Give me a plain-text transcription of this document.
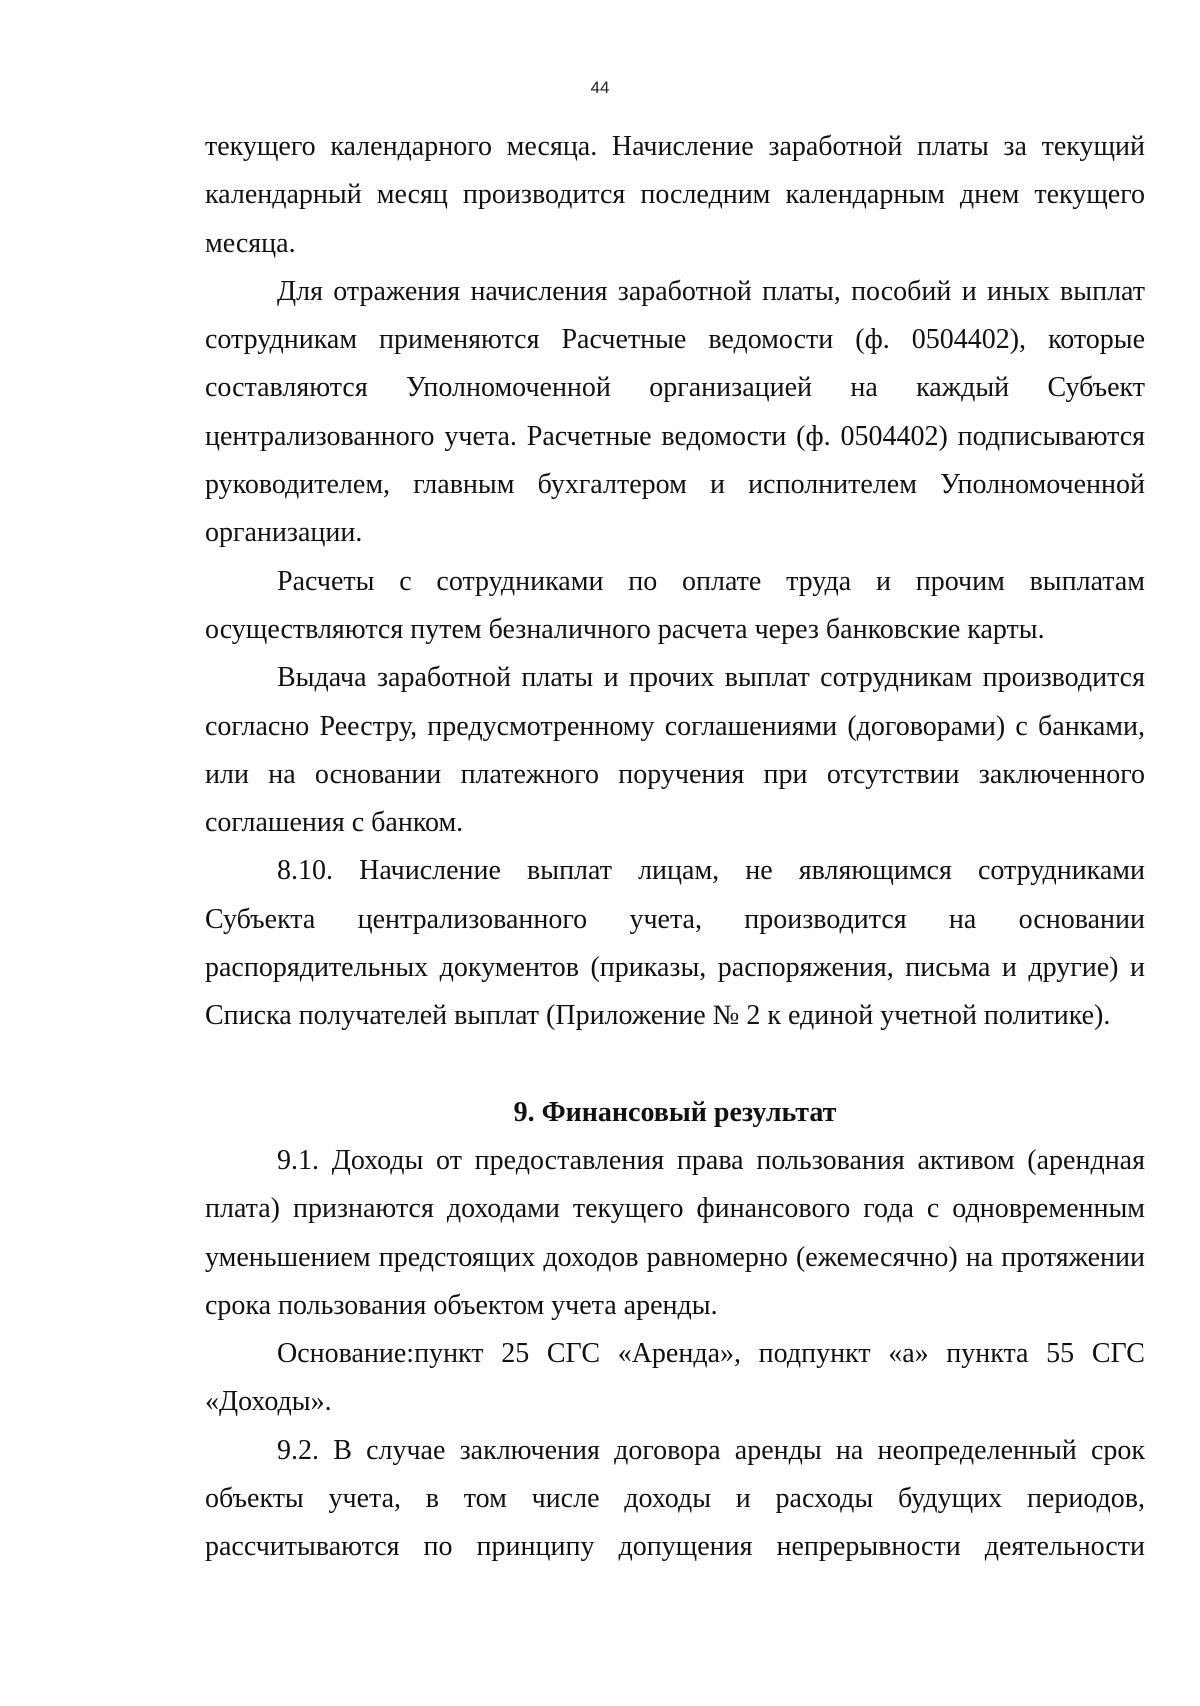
44

текущего календарного месяца. Начисление заработной платы за текущий календарный месяц производится последним календарным днем текущего месяца.

Для отражения начисления заработной платы, пособий и иных выплат сотрудникам применяются Расчетные ведомости (ф. 0504402), которые составляются Уполномоченной организацией на каждый Субъект централизованного учета. Расчетные ведомости (ф. 0504402) подписываются руководителем, главным бухгалтером и исполнителем Уполномоченной организации.

Расчеты с сотрудниками по оплате труда и прочим выплатам осуществляются путем безналичного расчета через банковские карты.

Выдача заработной платы и прочих выплат сотрудникам производится согласно Реестру, предусмотренному соглашениями (договорами) с банками, или на основании платежного поручения при отсутствии заключенного соглашения с банком.

8.10. Начисление выплат лицам, не являющимся сотрудниками Субъекта централизованного учета, производится на основании распорядительных документов (приказы, распоряжения, письма и другие) и Списка получателей выплат (Приложение № 2 к единой учетной политике).

9. Финансовый результат

9.1. Доходы от предоставления права пользования активом (арендная плата) признаются доходами текущего финансового года с одновременным уменьшением предстоящих доходов равномерно (ежемесячно) на протяжении срока пользования объектом учета аренды.

Основание:пункт 25 СГС «Аренда», подпункт «а» пункта 55 СГС «Доходы».

9.2. В случае заключения договора аренды на неопределенный срок объекты учета, в том числе доходы и расходы будущих периодов, рассчитываются по принципу допущения непрерывности деятельности
